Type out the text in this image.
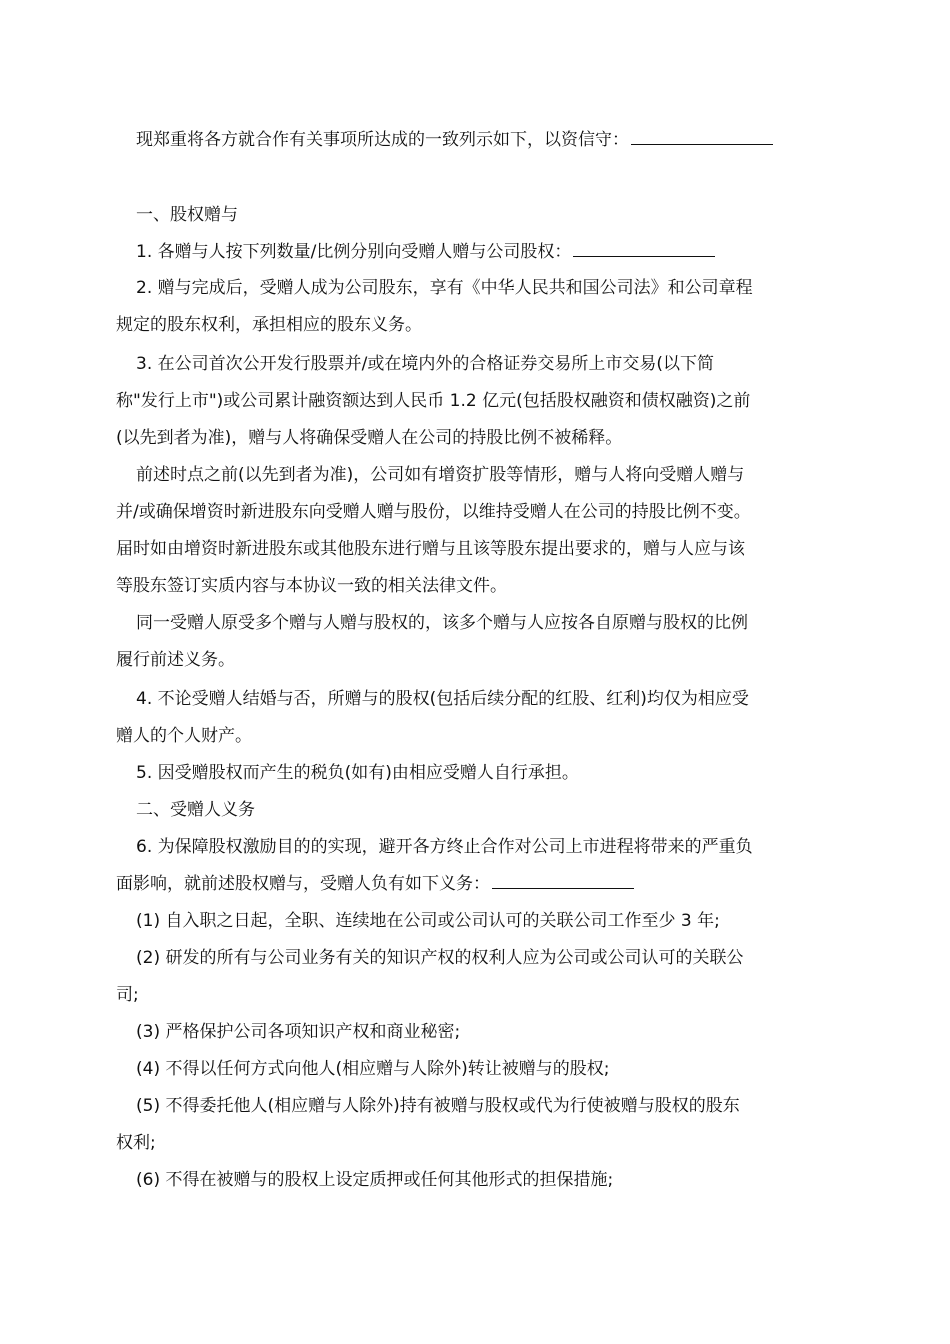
现郑重将各方就合作有关事项所达成的一致列示如下，以资信守：
一、股权赠与
1. 各赠与人按下列数量/比例分别向受赠人赠与公司股权：
2. 赠与完成后，受赠人成为公司股东，享有《中华人民共和国公司法》和公司章程
规定的股东权利，承担相应的股东义务。
3. 在公司首次公开发行股票并/或在境内外的合格证券交易所上市交易(以下简
称"发行上市")或公司累计融资额达到人民币 1.2 亿元(包括股权融资和债权融资)之前
(以先到者为准)，赠与人将确保受赠人在公司的持股比例不被稀释。
前述时点之前(以先到者为准)，公司如有增资扩股等情形，赠与人将向受赠人赠与
并/或确保增资时新进股东向受赠人赠与股份，以维持受赠人在公司的持股比例不变。
届时如由增资时新进股东或其他股东进行赠与且该等股东提出要求的，赠与人应与该
等股东签订实质内容与本协议一致的相关法律文件。
同一受赠人原受多个赠与人赠与股权的，该多个赠与人应按各自原赠与股权的比例
履行前述义务。
4. 不论受赠人结婚与否，所赠与的股权(包括后续分配的红股、红利)均仅为相应受
赠人的个人财产。
5. 因受赠股权而产生的税负(如有)由相应受赠人自行承担。
二、受赠人义务
6. 为保障股权激励目的的实现，避开各方终止合作对公司上市进程将带来的严重负
面影响，就前述股权赠与，受赠人负有如下义务：
(1) 自入职之日起，全职、连续地在公司或公司认可的关联公司工作至少 3 年;
(2) 研发的所有与公司业务有关的知识产权的权利人应为公司或公司认可的关联公
司;
(3) 严格保护公司各项知识产权和商业秘密;
(4) 不得以任何方式向他人(相应赠与人除外)转让被赠与的股权;
(5) 不得委托他人(相应赠与人除外)持有被赠与股权或代为行使被赠与股权的股东
权利;
(6) 不得在被赠与的股权上设定质押或任何其他形式的担保措施;
